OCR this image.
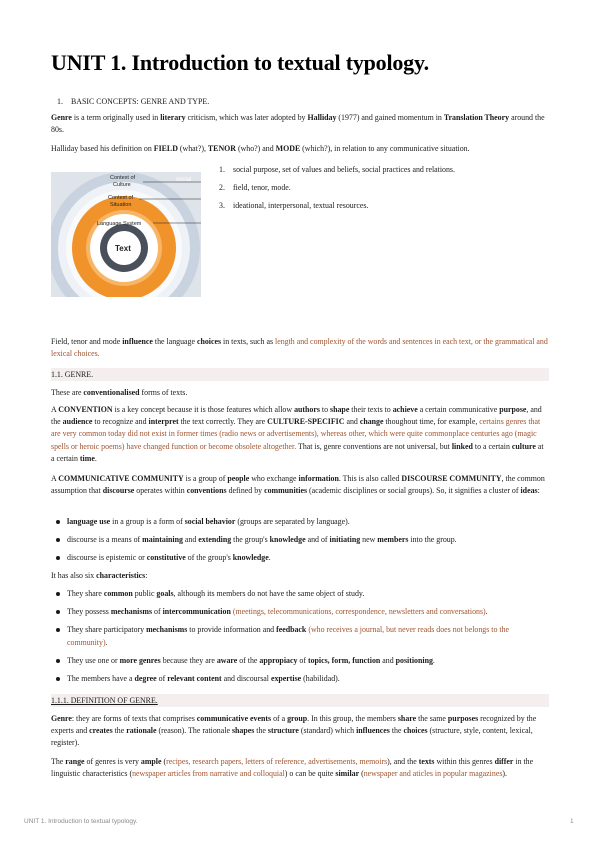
UNIT 1. Introduction to textual typology.
1. BASIC CONCEPTS: GENRE AND TYPE.

Genre is a term originally used in literary criticism, which was later adopted by Halliday (1977) and gained momentum in Translation Theory around the 80s.

Halliday based his definition on FIELD (what?), TENOR (who?) and MODE (which?), in relation to any communicative situation.

Context of
Culture
Context of
Situation
Language System
Text
social
1. social purpose, set of values and beliefs, social practices and relations.
2. field, tenor, mode.
3. ideational, interpersonal, textual resources.

Field, tenor and mode influence the language choices in texts, such as length and complexity of the words and sentences in each text, or the grammatical and lexical choices.

1.1. GENRE.

These are conventionalised forms of texts.

A CONVENTION is a key concept because it is those features which allow authors to shape their texts to achieve a certain communicative purpose, and the audience to recognize and interpret the text correctly. They are CULTURE-SPECIFIC and change thoughout time, for example, certains genres that are very common today did not exist in former times (radio news or advertisements), whereas other, which were quite commonplace centuries ago (magic spells or heroic poems) have changed function or become obsolete altogether. That is, genre conventions are not universal, but linked to a certain culture at a certain time.

A COMMUNICATIVE COMMUNITY is a group of people who exchange information. This is also called DISCOURSE COMMUNITY, the common assumption that discourse operates within conventions defined by communities (academic disciplines or social groups). So, it signifies a cluster of ideas:

language use in a group is a form of social behavior (groups are separated by language).
discourse is a means of maintaining and extending the group's knowledge and of initiating new members into the group.
discourse is epistemic or constitutive of the group's knowledge.

It has also six characteristics:

They share common public goals, although its members do not have the same object of study.
They possess mechanisms of intercommunication (meetings, telecommunications, correspondence, newsletters and conversations).
They share participatory mechanisms to provide information and feedback (who receives a journal, but never reads does not belongs to the community).
They use one or more genres because they are aware of the appropiacy of topics, form, function and positioning.
The members have a degree of relevant content and discoursal expertise (habilidad).
1.1.1. DEFINITION OF GENRE.

Genre: they are forms of texts that comprises communicative events of a group. In this group, the members share the same purposes recognized by the experts and creates the rationale (reason). The rationale shapes the structure (standard) which influences the choices (structure, style, content, lexical, register).

The range of genres is very ample (recipes, research papers, letters of reference, advertisements, memoirs), and the texts within this genres differ in the linguistic characteristics (newspaper articles from narrative and colloquial) o can be quite similar (newspaper and aticles in popular magazines).

UNIT 1. Introduction to textual typology.	1
